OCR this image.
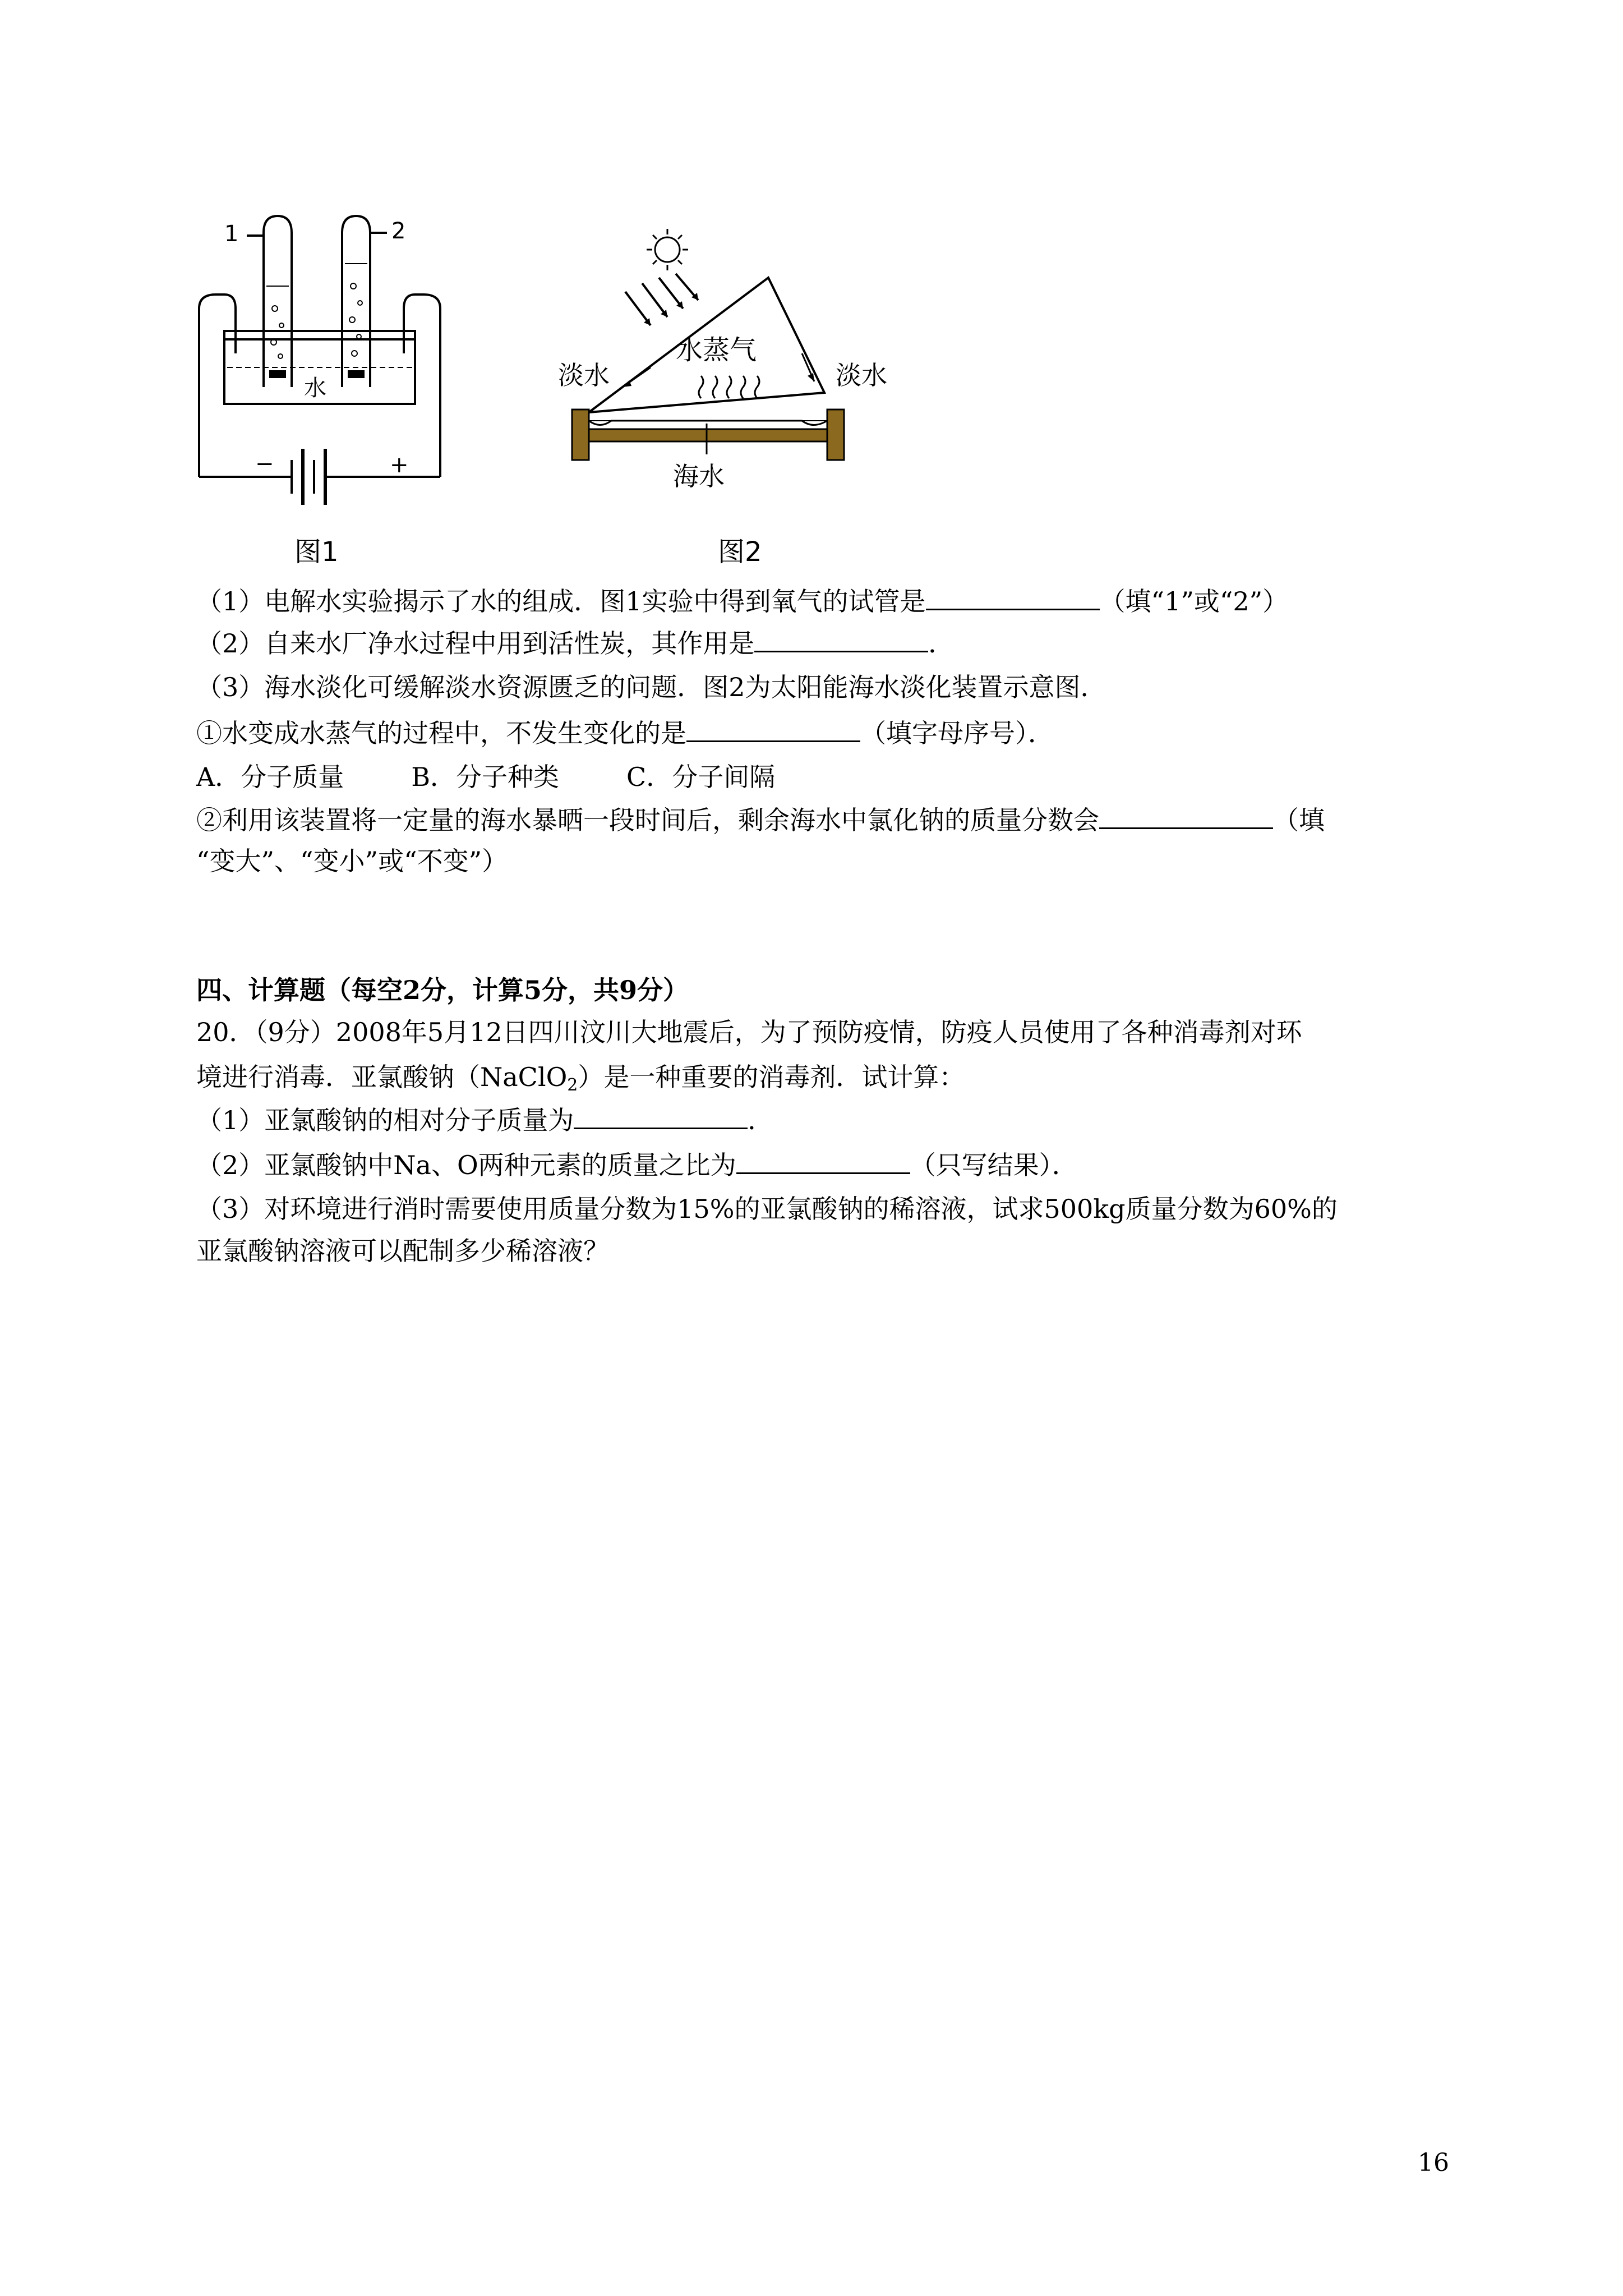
1	2
水
−	+
图1
淡水	淡水
水蒸气
海水
图2
（1）电解水实验揭示了水的组成．图1实验中得到氧气的试管是	（填“1”或“2”）
（2）自来水厂净水过程中用到活性炭，其作用是	．
（3）海水淡化可缓解淡水资源匮乏的问题．图2为太阳能海水淡化装置示意图．
①水变成水蒸气的过程中，不发生变化的是	（填字母序号）．
A．分子质量	B．分子种类	C．分子间隔
②利用该装置将一定量的海水暴晒一段时间后，剩余海水中氯化钠的质量分数会	（填
“变大”、“变小”或“不变”）
四、计算题（每空2分，计算5分，共9分）
20．（9分）2008年5月12日四川汶川大地震后，为了预防疫情，防疫人员使用了各种消毒剂对环
境进行消毒．亚氯酸钠（NaClO$_2$）是一种重要的消毒剂．试计算：
（1）亚氯酸钠的相对分子质量为	．
（2）亚氯酸钠中Na、O两种元素的质量之比为	（只写结果）．
（3）对环境进行消时需要使用质量分数为15%的亚氯酸钠的稀溶液，试求500kg质量分数为60%的
亚氯酸钠溶液可以配制多少稀溶液？
16
